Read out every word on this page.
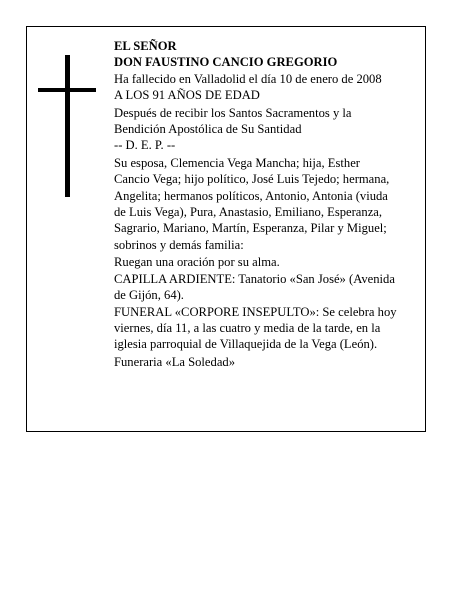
EL SEÑOR

DON FAUSTINO CANCIO GREGORIO

Ha fallecido en Valladolid el día 10 de enero de 2008

A LOS 91 AÑOS DE EDAD

Después de recibir los Santos Sacramentos y la

Bendición Apostólica de Su Santidad

-- D. E. P. --

Su esposa, Clemencia Vega Mancha; hija, Esther

Cancio Vega; hijo político, José Luis Tejedo; hermana,

Angelita; hermanos políticos, Antonio, Antonia (viuda

de Luis Vega), Pura, Anastasio, Emiliano, Esperanza,

Sagrario, Mariano, Martín, Esperanza, Pilar y Miguel;

sobrinos y demás familia:

Ruegan una oración por su alma.

CAPILLA ARDIENTE: Tanatorio «San José» (Avenida

de Gijón, 64).

FUNERAL «CORPORE INSEPULTO»: Se celebra hoy

viernes, día 11, a las cuatro y media de la tarde, en la

iglesia parroquial de Villaquejida de la Vega (León).

Funeraria «La Soledad»
